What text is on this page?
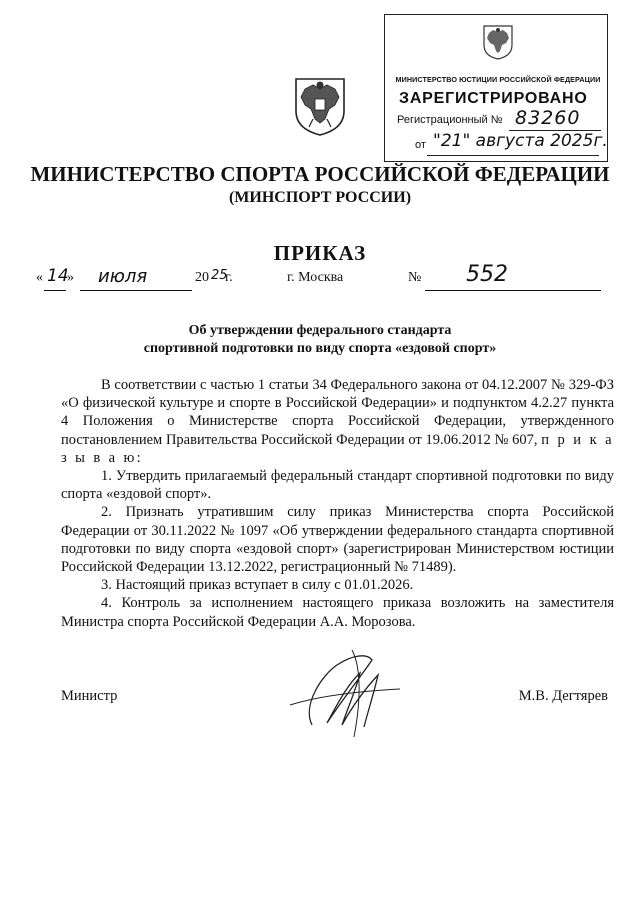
МИНИСТЕРСТВО ЮСТИЦИИ РОССИЙСКОЙ ФЕДЕРАЦИИ
ЗАРЕГИСТРИРОВАНО
Регистрационный № 83260
от "21" августа 2025г.
МИНИСТЕРСТВО СПОРТА РОССИЙСКОЙ ФЕДЕРАЦИИ
(МИНСПОРТ РОССИИ)
ПРИКАЗ
« 14
» июля	20 25
г.	г. Москва	№ 552
Об утверждении федерального стандарта
спортивной подготовки по виду спорта «ездовой спорт»

В соответствии с частью 1 статьи 34 Федерального закона от 04.12.2007 № 329-ФЗ «О физической культуре и спорте в Российской Федерации» и подпунктом 4.2.27 пункта 4 Положения о Министерстве спорта Российской Федерации, утвержденного постановлением Правительства Российской Федерации от 19.06.2012 № 607, п р и к а з ы в а ю:

1. Утвердить прилагаемый федеральный стандарт спортивной подготовки по виду спорта «ездовой спорт».

2. Признать утратившим силу приказ Министерства спорта Российской Федерации от 30.11.2022 № 1097 «Об утверждении федерального стандарта спортивной подготовки по виду спорта «ездовой спорт» (зарегистрирован Министерством юстиции Российской Федерации 13.12.2022, регистрационный № 71489).

3. Настоящий приказ вступает в силу с 01.01.2026.

4. Контроль за исполнением настоящего приказа возложить на заместителя Министра спорта Российской Федерации А.А. Морозова.

Министр	М.В. Дегтярев
